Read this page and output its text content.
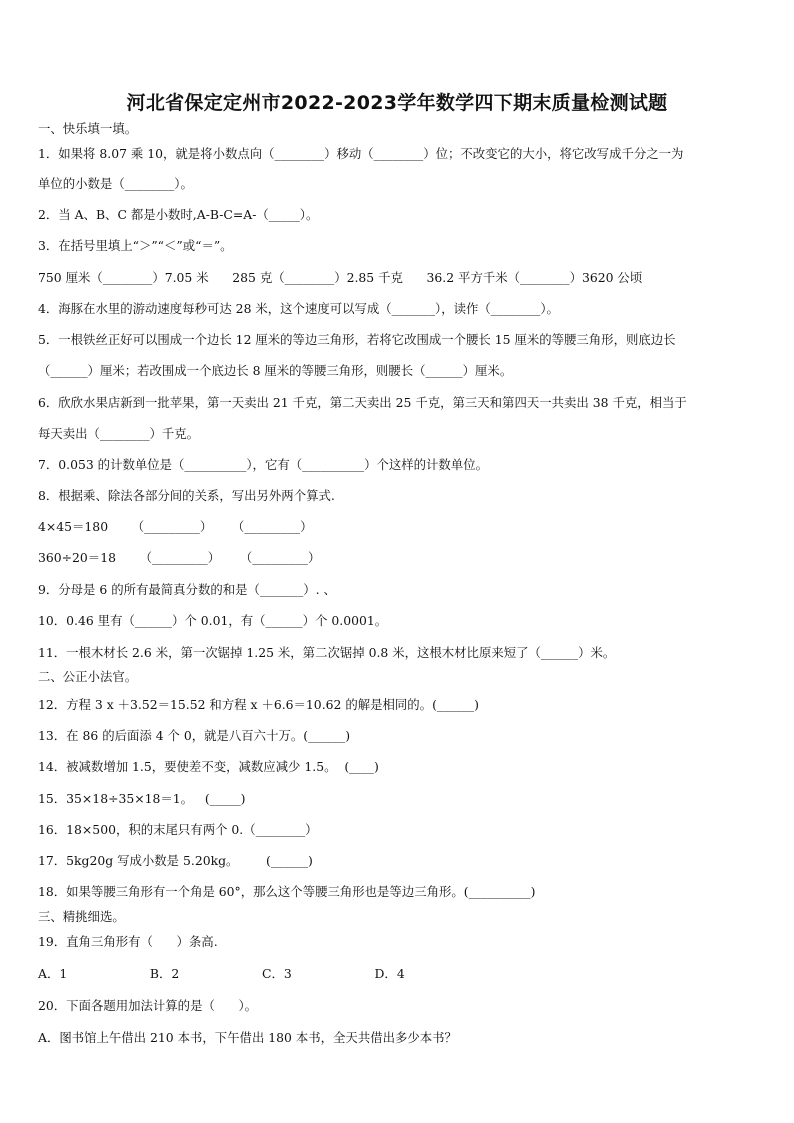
河北省保定定州市2022-2023学年数学四下期末质量检测试题
一、快乐填一填。
1．如果将 8.07 乘 10，就是将小数点向（________）移动（________）位；不改变它的大小，将它改写成千分之一为
单位的小数是（________）。
2．当 A、B、C 都是小数时,A-B-C=A-（_____）。
3．在括号里填上“＞”“＜”或“＝”。
750 厘米（________）7.05 米      285 克（________）2.85 千克      36.2 平方千米（________）3620 公顷
4．海豚在水里的游动速度每秒可达 28 米，这个速度可以写成（_______），读作（________）。
5．一根铁丝正好可以围成一个边长 12 厘米的等边三角形，若将它改围成一个腰长 15 厘米的等腰三角形，则底边长
（______）厘米；若改围成一个底边长 8 厘米的等腰三角形，则腰长（______）厘米。
6．欣欣水果店新到一批苹果，第一天卖出 21 千克，第二天卖出 25 千克，第三天和第四天一共卖出 38 千克，相当于
每天卖出（________）千克。
7．0.053 的计数单位是（__________），它有（__________）个这样的计数单位。
8．根据乘、除法各部分间的关系，写出另外两个算式.
4×45＝180      （_________）     （_________）
360÷20＝18      （_________）     （_________）
9．分母是 6 的所有最简真分数的和是（_______）. 、
10．0.46 里有（______）个 0.01，有（______）个 0.0001。
11．一根木材长 2.6 米，第一次锯掉 1.25 米，第二次锯掉 0.8 米，这根木材比原来短了（______）米。
二、公正小法官。
12．方程 3 x ＋3.52＝15.52 和方程 x ＋6.6＝10.62 的解是相同的。(______)
13．在 86 的后面添 4 个 0，就是八百六十万。(______)
14．被减数增加 1.5，要使差不变，减数应减少 1.5。  (____)
15．35×18÷35×18＝1。   (_____)
16．18×500，积的末尾只有两个 0.（________）
17．5kg20g 写成小数是 5.20kg。       (______)
18．如果等腰三角形有一个角是 60°，那么这个等腰三角形也是等边三角形。(__________)
三、精挑细选。
19．直角三角形有（      ）条高.
A．1                     B．2                     C．3                     D．4
20．下面各题用加法计算的是（      ）。
A．图书馆上午借出 210 本书，下午借出 180 本书，全天共借出多少本书？
